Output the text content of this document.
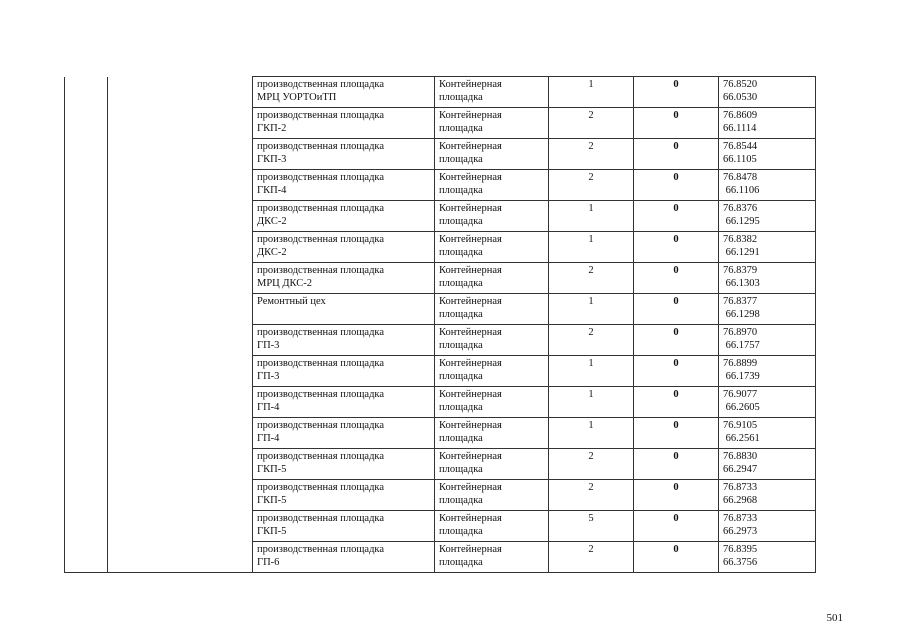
		производственная площадка
МРЦ УОРТОиТП	Контейнерная
площадка	1	0	76.8520
66.0530

		производственная площадка
ГКП-2	Контейнерная
площадка	2	0	76.8609
66.1114

		производственная площадка
ГКП-3	Контейнерная
площадка	2	0	76.8544
66.1105

		производственная площадка
ГКП-4	Контейнерная
площадка	2	0	76.8478
66.1106

		производственная площадка
ДКС-2	Контейнерная
площадка	1	0	76.8376
66.1295

		производственная площадка
ДКС-2	Контейнерная
площадка	1	0	76.8382
66.1291

		производственная площадка
МРЦ ДКС-2	Контейнерная
площадка	2	0	76.8379
66.1303

		Ремонтный цех	Контейнерная
площадка	1	0	76.8377
66.1298

		производственная площадка
ГП-3	Контейнерная
площадка	2	0	76.8970
66.1757

		производственная площадка
ГП-3	Контейнерная
площадка	1	0	76.8899
66.1739

		производственная площадка
ГП-4	Контейнерная
площадка	1	0	76.9077
66.2605

		производственная площадка
ГП-4	Контейнерная
площадка	1	0	76.9105
66.2561

		производственная площадка
ГКП-5	Контейнерная
площадка	2	0	76.8830
66.2947

		производственная площадка
ГКП-5	Контейнерная
площадка	2	0	76.8733
66.2968

		производственная площадка
ГКП-5	Контейнерная
площадка	5	0	76.8733
66.2973

		производственная площадка
ГП-6	Контейнерная
площадка	2	0	76.8395
66.3756
501
